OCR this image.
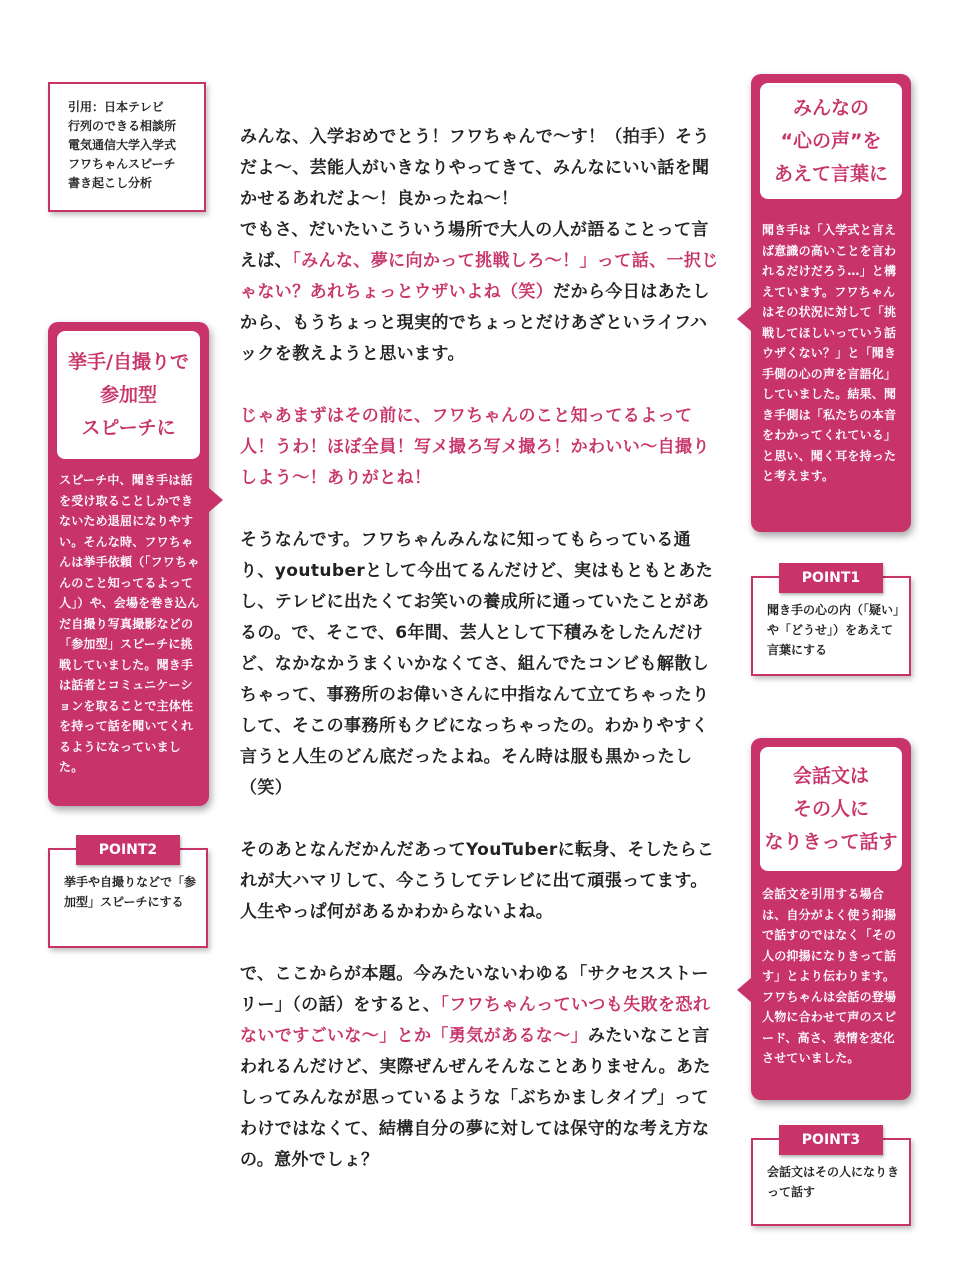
引用：日本テレビ
行列のできる相談所
電気通信大学入学式
フワちゃんスピーチ
書き起こし分析

みんな、入学おめでとう！フワちゃんで〜す！（拍手）そうだよ〜、芸能人がいきなりやってきて、みんなにいい話を聞かせるあれだよ〜！良かったね〜！
でもさ、だいたいこういう場所で大人の人が語ることって言えば、「みんな、夢に向かって挑戦しろ〜！」って話、一択じゃない？あれちょっとウザいよね（笑）だから今日はあたしから、もうちょっと現実的でちょっとだけあざといライフハックを教えようと思います。

じゃあまずはその前に、フワちゃんのこと知ってるよって人！うわ！ほぼ全員！写メ撮ろ写メ撮ろ！かわいい〜自撮りしよう〜！ありがとね！

そうなんです。フワちゃんみんなに知ってもらっている通り、youtuberとして今出てるんだけど、実はもともとあたし、テレビに出たくてお笑いの養成所に通っていたことがあるの。で、そこで、6年間、芸人として下積みをしたんだけど、なかなかうまくいかなくてさ、組んでたコンビも解散しちゃって、事務所のお偉いさんに中指なんて立てちゃったりして、そこの事務所もクビになっちゃったの。わかりやすく言うと人生のどん底だったよね。そん時は服も黒かったし（笑）

そのあとなんだかんだあってYouTuberに転身、そしたらこれが大ハマリして、今こうしてテレビに出て頑張ってます。人生やっぱ何があるかわからないよね。

で、ここからが本題。今みたいないわゆる「サクセスストーリー」（の話）をすると、「フワちゃんっていつも失敗を恐れないですごいな〜」とか「勇気があるな〜」みたいなこと言われるんだけど、実際ぜんぜんそんなことありません。あたしってみんなが思っているような「ぶちかましタイプ」ってわけではなくて、結構自分の夢に対しては保守的な考え方なの。意外でしょ？

みんなの
“心の声”を
あえて言葉に
聞き手は「入学式と言えば意識の高いことを言われるだけだろう…」と構えています。フワちゃんはその状況に対して「挑戦してほしいっていう話ウザくない？」と「聞き手側の心の声を言語化」していました。結果、聞き手側は「私たちの本音をわかってくれている」と思い、聞く耳を持ったと考えます。
POINT1
聞き手の心の内（「疑い」や「どうせ」）をあえて言葉にする
挙手/自撮りで
参加型
スピーチに
スピーチ中、聞き手は話を受け取ることしかできないため退屈になりやすい。そんな時、フワちゃんは挙手依頼（「フワちゃんのこと知ってるよって人」）や、会場を巻き込んだ自撮り写真撮影などの「参加型」スピーチに挑戦していました。聞き手は話者とコミュニケーションを取ることで主体性を持って話を聞いてくれるようになっていました。
POINT2
挙手や自撮りなどで「参加型」スピーチにする
会話文は
その人に
なりきって話す
会話文を引用する場合は、自分がよく使う抑揚で話すのではなく「その人の抑揚になりきって話す」とより伝わります。フワちゃんは会話の登場人物に合わせて声のスピード、高さ、表情を変化させていました。
POINT3
会話文はその人になりきって話す
